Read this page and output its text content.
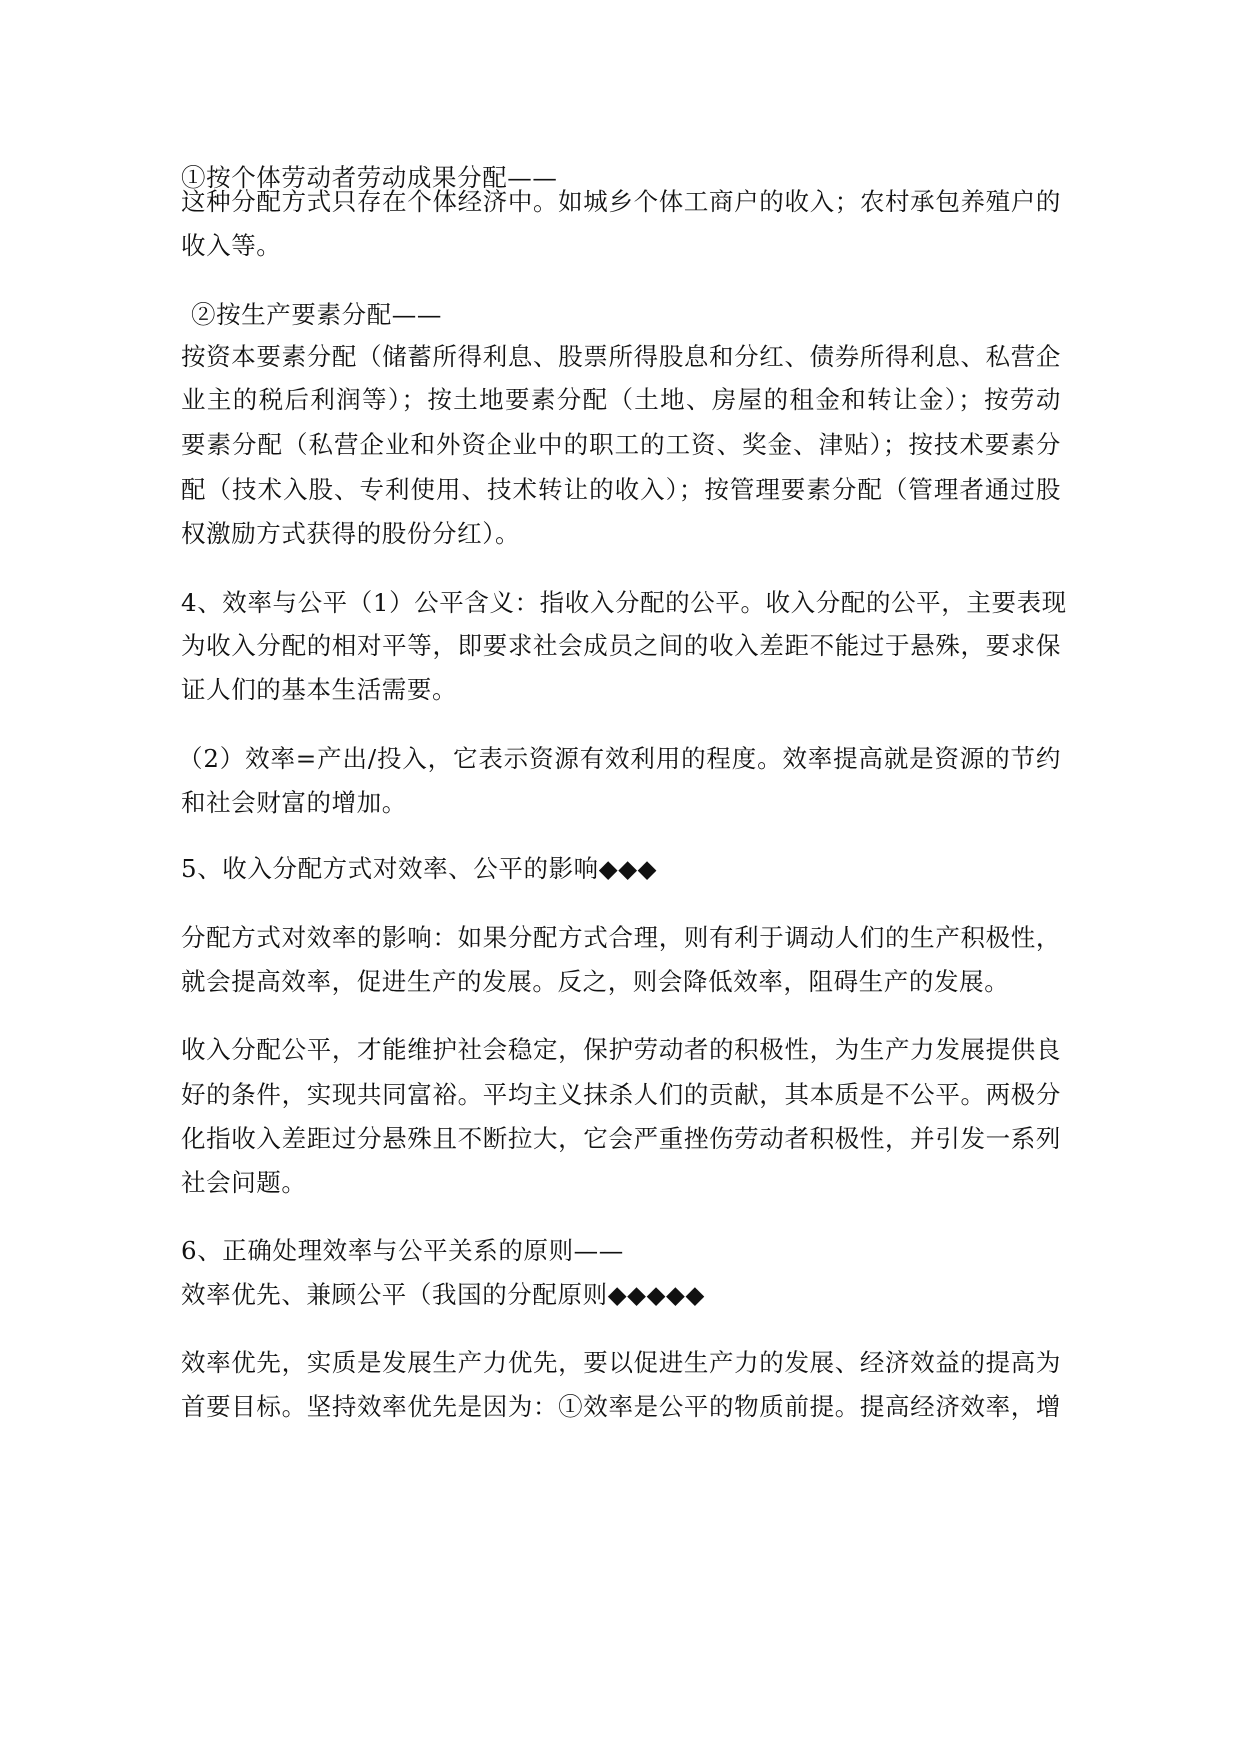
①按个体劳动者劳动成果分配——
这种分配方式只存在个体经济中。如城乡个体工商户的收入；农村承包养殖户的
收入等。
②按生产要素分配——
按资本要素分配（储蓄所得利息、股票所得股息和分红、债券所得利息、私营企
业主的税后利润等）；按土地要素分配（土地、房屋的租金和转让金）；按劳动
要素分配（私营企业和外资企业中的职工的工资、奖金、津贴）；按技术要素分
配（技术入股、专利使用、技术转让的收入）；按管理要素分配（管理者通过股
权激励方式获得的股份分红）。
4、效率与公平（1）公平含义：指收入分配的公平。收入分配的公平，主要表现
为收入分配的相对平等，即要求社会成员之间的收入差距不能过于悬殊，要求保
证人们的基本生活需要。
（2）效率=产出/投入，它表示资源有效利用的程度。效率提高就是资源的节约
和社会财富的增加。
5、收入分配方式对效率、公平的影响◆◆◆
分配方式对效率的影响：如果分配方式合理，则有利于调动人们的生产积极性，
就会提高效率，促进生产的发展。反之，则会降低效率，阻碍生产的发展。
收入分配公平，才能维护社会稳定，保护劳动者的积极性，为生产力发展提供良
好的条件，实现共同富裕。平均主义抹杀人们的贡献，其本质是不公平。两极分
化指收入差距过分悬殊且不断拉大，它会严重挫伤劳动者积极性，并引发一系列
社会问题。
6、正确处理效率与公平关系的原则——
效率优先、兼顾公平（我国的分配原则◆◆◆◆◆
效率优先，实质是发展生产力优先，要以促进生产力的发展、经济效益的提高为
首要目标。坚持效率优先是因为：①效率是公平的物质前提。提高经济效率，增
